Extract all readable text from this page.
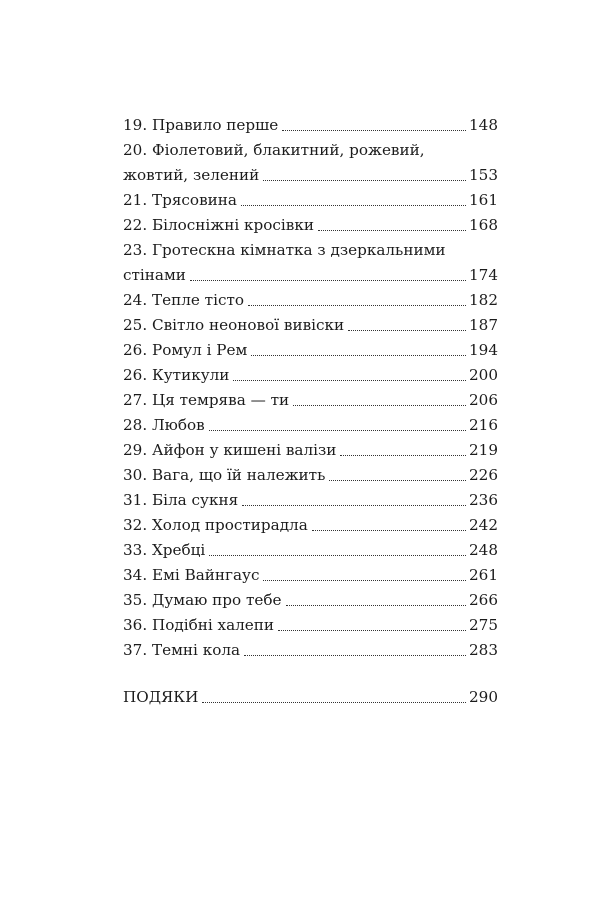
19. Правило перше	148
20. Фіолетовий, блакитний, рожевий,
жовтий, зелений	153
21. Трясовина	161
22. Білосніжні кросівки	168
23. Гротескна кімнатка з дзеркальними
стінами	174
24. Тепле тісто	182
25. Світло неонової вивіски	187
26. Ромул і Рем	194
26. Кутикули	200
27. Ця темрява — ти	206
28. Любов	216
29. Айфон у кишені валізи	219
30. Вага, що їй належить	226
31. Біла сукня	236
32. Холод простирадла	242
33. Хребці	248
34. Емі Вайнгаус	261
35. Думаю про тебе	266
36. Подібні халепи	275
37. Темні кола	283
ПОДЯКИ	290
